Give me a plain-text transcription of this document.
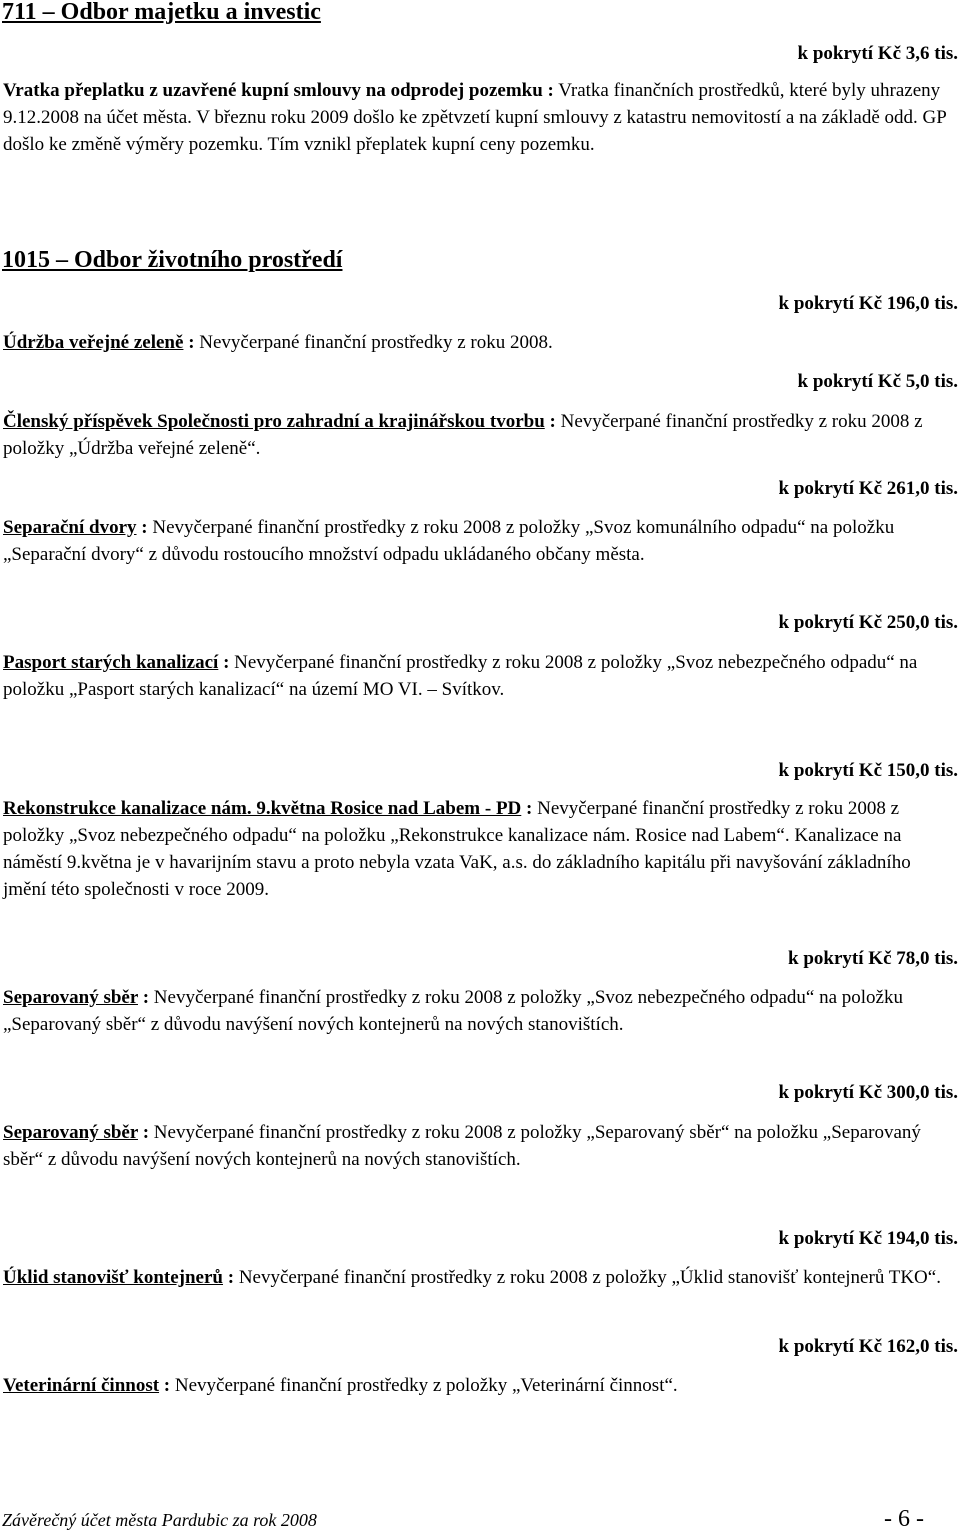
711 – Odbor majetku a investic
k pokrytí Kč 3,6 tis.
Vratka přeplatku z uzavřené kupní smlouvy na odprodej pozemku : Vratka finančních prostředků, které byly uhrazeny 9.12.2008 na účet města. V březnu roku 2009 došlo ke zpětvzetí kupní smlouvy z katastru nemovitostí a na základě odd. GP došlo ke změně výměry pozemku. Tím vznikl přeplatek kupní ceny pozemku.
1015 – Odbor životního prostředí
k pokrytí Kč 196,0 tis.
Údržba veřejné zeleně : Nevyčerpané finanční prostředky z roku 2008.
k pokrytí Kč 5,0 tis.
Členský příspěvek Společnosti pro zahradní a krajinářskou tvorbu : Nevyčerpané finanční prostředky z roku 2008 z položky „Údržba veřejné zeleně“.
k pokrytí Kč 261,0 tis.
Separační dvory : Nevyčerpané finanční prostředky z roku 2008 z položky „Svoz komunálního odpadu“ na položku „Separační dvory“ z důvodu rostoucího množství odpadu ukládaného občany města.
k pokrytí Kč 250,0 tis.
Pasport starých kanalizací : Nevyčerpané finanční prostředky z roku 2008 z položky „Svoz nebezpečného odpadu“ na položku „Pasport starých kanalizací“ na území MO VI. – Svítkov.
k pokrytí Kč 150,0 tis.
Rekonstrukce kanalizace nám. 9.května Rosice nad Labem - PD : Nevyčerpané finanční prostředky z roku 2008 z položky „Svoz nebezpečného odpadu“ na položku „Rekonstrukce kanalizace nám. Rosice nad Labem“. Kanalizace na náměstí 9.května je v havarijním stavu a proto nebyla vzata VaK, a.s. do základního kapitálu při navyšování základního jmění této společnosti v roce 2009.
k pokrytí Kč 78,0 tis.
Separovaný sběr : Nevyčerpané finanční prostředky z roku 2008 z položky „Svoz nebezpečného odpadu“ na položku „Separovaný sběr“ z důvodu navýšení nových kontejnerů na nových stanovištích.
k pokrytí Kč 300,0 tis.
Separovaný sběr : Nevyčerpané finanční prostředky z roku 2008 z položky „Separovaný sběr“ na položku „Separovaný sběr“ z důvodu navýšení nových kontejnerů na nových stanovištích.
k pokrytí Kč 194,0 tis.
Úklid stanovišť kontejnerů : Nevyčerpané finanční prostředky z roku 2008 z položky „Úklid stanovišť kontejnerů TKO“.
k pokrytí Kč 162,0 tis.
Veterinární činnost : Nevyčerpané finanční prostředky z položky „Veterinární činnost“.
Závěrečný účet města Pardubic za rok 2008	- 6 -
